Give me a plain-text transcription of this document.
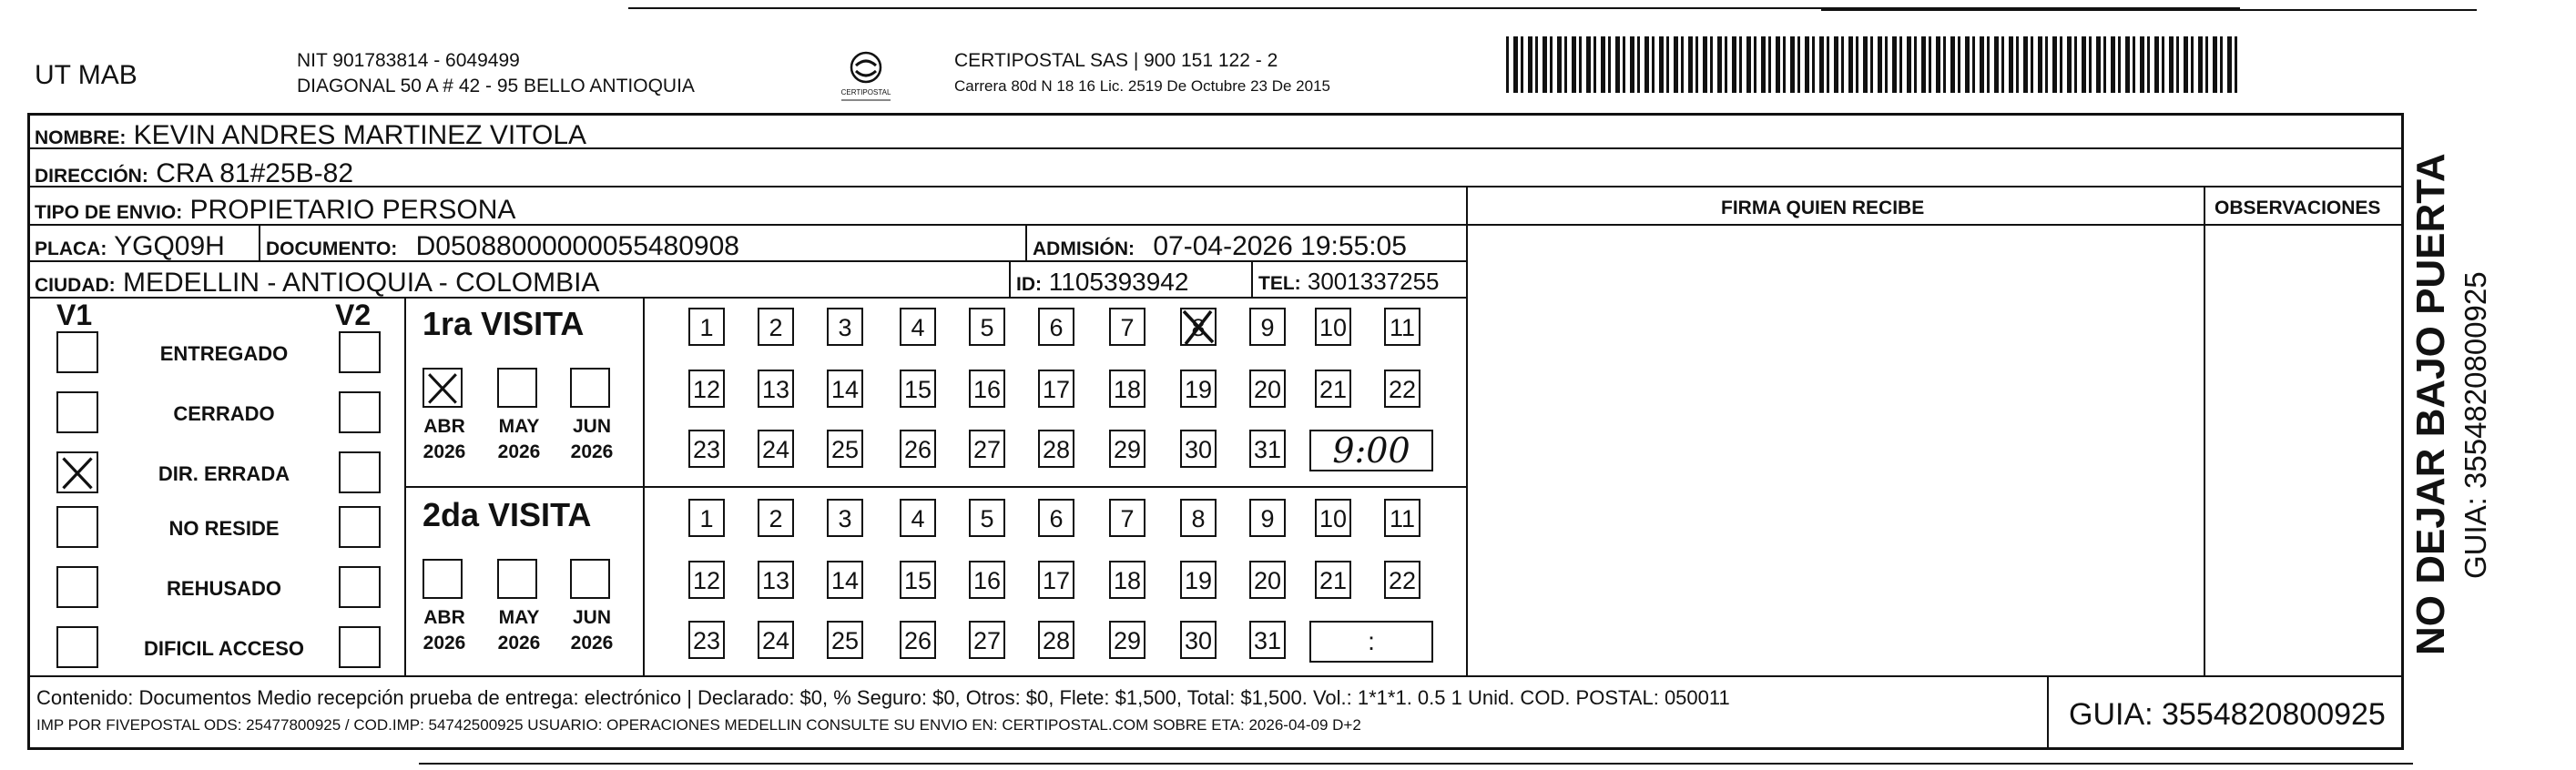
UT MAB	NIT 901783814 - 6049499
DIAGONAL 50 A # 42 - 95 BELLO ANTIOQUIA	CERTIPOSTAL
CERTIPOSTAL SAS | 900 151 122 - 2
Carrera 80d N 18 16 Lic. 2519 De Octubre 23 De 2015
NOMBRE: KEVIN ANDRES MARTINEZ VITOLA
DIRECCIÓN: CRA 81#25B-82
TIPO DE ENVIO: PROPIETARIO PERSONA	FIRMA QUIEN RECIBE	OBSERVACIONES
PLACA: YGQ09H DOCUMENTO: D05088000000055480908	ADMISIÓN: 07-04-2026 19:55:05
CIUDAD: MEDELLIN - ANTIOQUIA - COLOMBIA	ID: 1105393942	TEL: 3001337255
V1	V2
ENTREGADO
CERRADO
DIR. ERRADA
NO RESIDE
REHUSADO
DIFICIL ACCESO
1ra VISITA
ABR
2026
MAY
2026
JUN
2026
1	2	3	4	5	6	7	8	9	10 11
12 13 14 15 16 17 18 19 20 21 22
23 24 25 26 27 28 29 30 31	9:00
2da VISITA
ABR
2026
MAY
2026
JUN
2026
1	2	3	4	5	6	7	8	9	10 11
12 13 14 15 16 17 18 19 20 21 22
23 24 25 26 27 28 29 30 31	:
Contenido: Documentos Medio recepción prueba de entrega: electrónico | Declarado: $0, % Seguro: $0, Otros: $0, Flete: $1,500, Total: $1,500. Vol.: 1*1*1. 0.5 1 Unid. COD. POSTAL: 050011
IMP POR FIVEPOSTAL ODS: 25477800925 / COD.IMP: 54742500925 USUARIO: OPERACIONES MEDELLIN CONSULTE SU ENVIO EN: CERTIPOSTAL.COM SOBRE ETA: 2026-04-09 D+2	GUIA: 3554820800925
NO DEJAR BAJO PUERTA GUIA: 3554820800925
